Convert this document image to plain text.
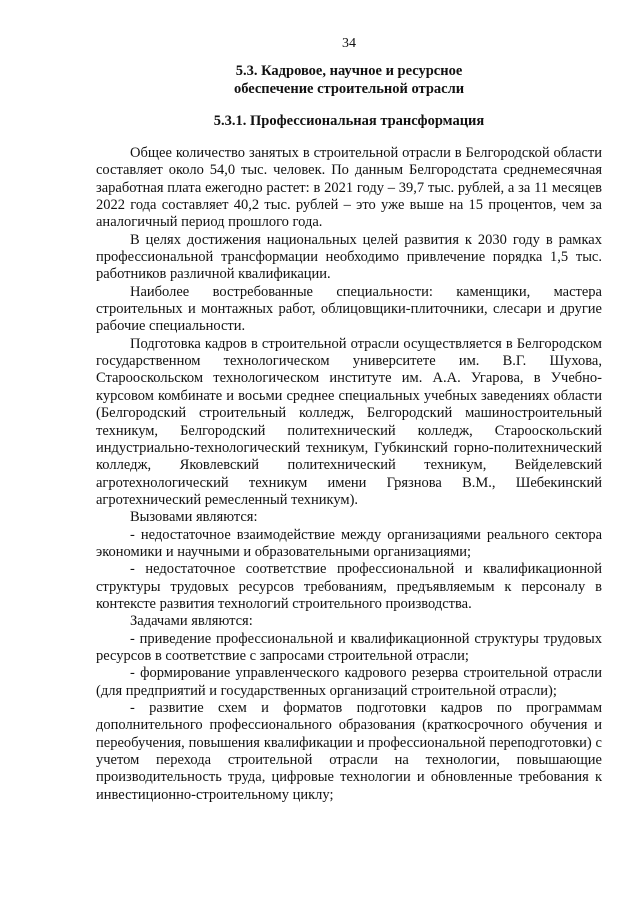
34
5.3. Кадровое, научное и ресурсное
обеспечение строительной отрасли
5.3.1. Профессиональная трансформация

Общее количество занятых в строительной отрасли в Белгородской области составляет около 54,0 тыс. человек. По данным Белгородстата среднемесячная заработная плата ежегодно растет: в 2021 году – 39,7 тыс. рублей, а за 11 месяцев 2022 года составляет 40,2 тыс. рублей – это уже выше на 15 процентов, чем за аналогичный период прошлого года.

В целях достижения национальных целей развития к 2030 году в рамках профессиональной трансформации необходимо привлечение порядка 1,5 тыс. работников различной квалификации.

Наиболее востребованные специальности: каменщики, мастера строительных и монтажных работ, облицовщики-плиточники, слесари и другие рабочие специальности.

Подготовка кадров в строительной отрасли осуществляется в Белгородском государственном технологическом университете им. В.Г. Шухова, Старооскольском технологическом институте им. А.А. Угарова, в Учебно-курсовом комбинате и восьми среднее специальных учебных заведениях области (Белгородский строительный колледж, Белгородский машиностроительный техникум, Белгородский политехнический колледж, Старооскольский индустриально-технологический техникум, Губкинский горно-политехнический колледж, Яковлевский политехнический техникум, Вейделевский агротехнологический техникум имени Грязнова В.М., Шебекинский агротехнический ремесленный техникум).

Вызовами являются:

- недостаточное взаимодействие между организациями реального сектора экономики и научными и образовательными организациями;

- недостаточное соответствие профессиональной и квалификационной структуры трудовых ресурсов требованиям, предъявляемым к персоналу в контексте развития технологий строительного производства.

Задачами являются:

- приведение профессиональной и квалификационной структуры трудовых ресурсов в соответствие с запросами строительной отрасли;

- формирование управленческого кадрового резерва строительной отрасли (для предприятий и государственных организаций строительной отрасли);

- развитие схем и форматов подготовки кадров по программам дополнительного профессионального образования (краткосрочного обучения и переобучения, повышения квалификации и профессиональной переподготовки) с учетом перехода строительной отрасли на технологии, повышающие производительность труда, цифровые технологии и обновленные требования к инвестиционно-строительному циклу;
